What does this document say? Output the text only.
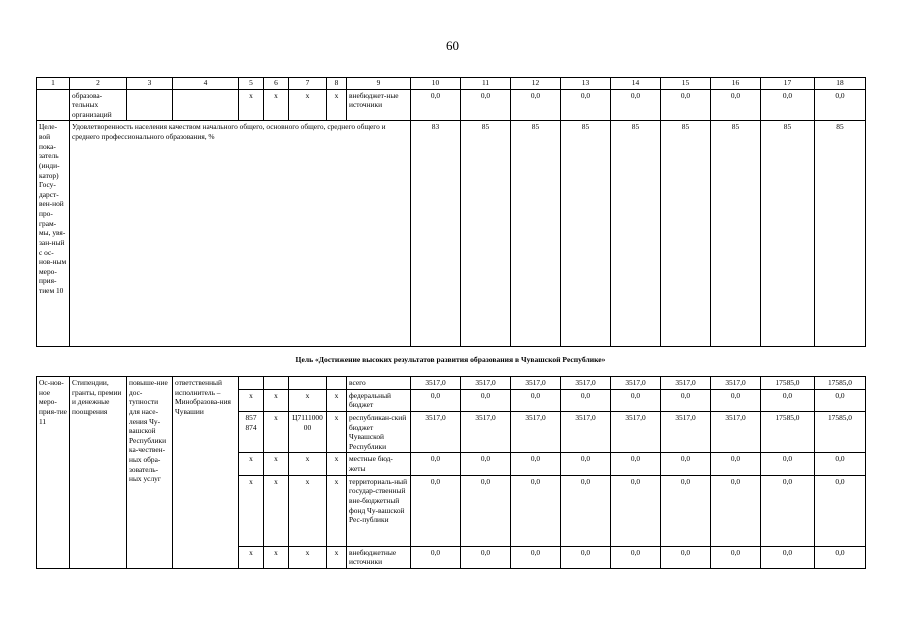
60
1	2	3	4	5	6	7	8	9	10	11	12	13	14	15	16	17	18
	образова-тельных организаций			x	x	x	x	внебюджет-ные источники	0,0	0,0	0,0	0,0	0,0	0,0	0,0	0,0	0,0
Целе-вой пока-затель (инди-катор) Госу-дарст-вен-ной про-грам-мы, увя-зан-ный с ос-нов-ным меро-прия-тием 10	Удовлетворенность населения качеством начального общего, основного общего, среднего общего и среднего профессионального образования, %								83	85	85	85	85	85	85	85	85
Цель «Достижение высоких результатов развития образования в Чувашской Республике»
Ос-нов-ное меро-прия-тие 11	Стипендии, гранты, премии и денежные поощрения	повыше-ние дос-тупности для насе-ления Чу-вашской Республики ка-чествен-ных обра-зователь-ных услуг	ответственный исполнитель – Минобразова-ния Чувашии					всего	3517,0	3517,0	3517,0	3517,0	3517,0	3517,0	3517,0	17585,0	17585,0
				x	x	x	x	федеральный бюджет	0,0	0,0	0,0	0,0	0,0	0,0	0,0	0,0	0,0
				857 874	x	Ц7111000 00	x	республикан-ский бюджет Чувашской Республики	3517,0	3517,0	3517,0	3517,0	3517,0	3517,0	3517,0	17585,0	17585,0
				x	x	x	x	местные бюд-жеты	0,0	0,0	0,0	0,0	0,0	0,0	0,0	0,0	0,0
				x	x	x	x	территориаль-ный государ-ственный вне-бюджетный фонд Чу-вашской Рес-публики	0,0	0,0	0,0	0,0	0,0	0,0	0,0	0,0	0,0
				x	x	x	x	внебюджетные источники	0,0	0,0	0,0	0,0	0,0	0,0	0,0	0,0	0,0
